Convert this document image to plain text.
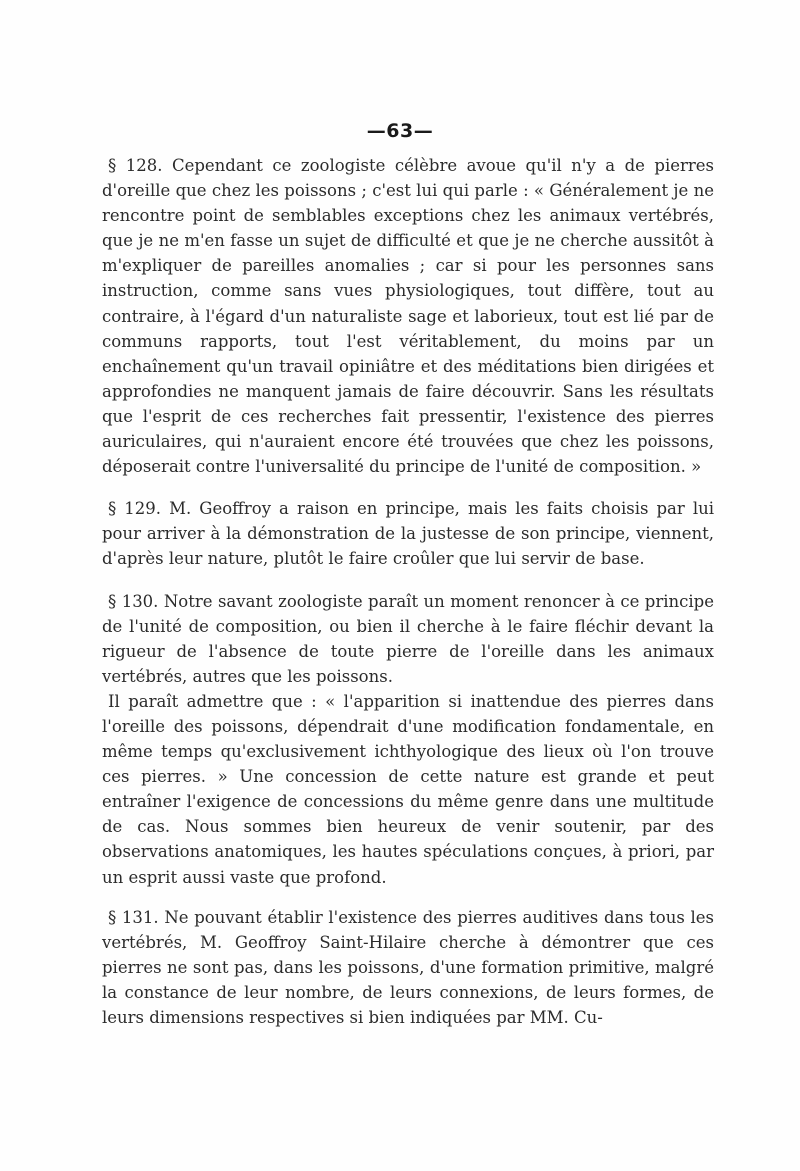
—63—

§ 128. Cependant ce zoologiste célèbre avoue qu'il n'y a de pierres d'oreille que chez les poissons ; c'est lui qui parle : « Généralement je ne rencontre point de semblables exceptions chez les animaux vertébrés, que je ne m'en fasse un sujet de difficulté et que je ne cherche aussitôt à m'expliquer de pareilles anomalies ; car si pour les personnes sans instruction, comme sans vues physiologiques, tout diffère, tout au contraire, à l'égard d'un naturaliste sage et laborieux, tout est lié par de communs rapports, tout l'est véritablement, du moins par un enchaînement qu'un travail opiniâtre et des méditations bien dirigées et approfondies ne manquent jamais de faire découvrir. Sans les résultats que l'esprit de ces recherches fait pressentir, l'existence des pierres auriculaires, qui n'auraient encore été trouvées que chez les poissons, déposerait contre l'universalité du principe de l'unité de composition. »

§ 129. M. Geoffroy a raison en principe, mais les faits choisis par lui pour arriver à la démonstration de la justesse de son principe, viennent, d'après leur nature, plutôt le faire croûler que lui servir de base.

§ 130. Notre savant zoologiste paraît un moment renoncer à ce principe de l'unité de composition, ou bien il cherche à le faire fléchir devant la rigueur de l'absence de toute pierre de l'oreille dans les animaux vertébrés, autres que les poissons.

Il paraît admettre que : « l'apparition si inattendue des pierres dans l'oreille des poissons, dépendrait d'une modification fondamentale, en même temps qu'exclusivement ichthyologique des lieux où l'on trouve ces pierres. » Une concession de cette nature est grande et peut entraîner l'exigence de concessions du même genre dans une multitude de cas. Nous sommes bien heureux de venir soutenir, par des observations anatomiques, les hautes spéculations conçues, à priori, par un esprit aussi vaste que profond.

§ 131. Ne pouvant établir l'existence des pierres auditives dans tous les vertébrés, M. Geoffroy Saint-Hilaire cherche à démontrer que ces pierres ne sont pas, dans les poissons, d'une formation primitive, malgré la constance de leur nombre, de leurs connexions, de leurs formes, de leurs dimensions respectives si bien indiquées par MM. Cu-
